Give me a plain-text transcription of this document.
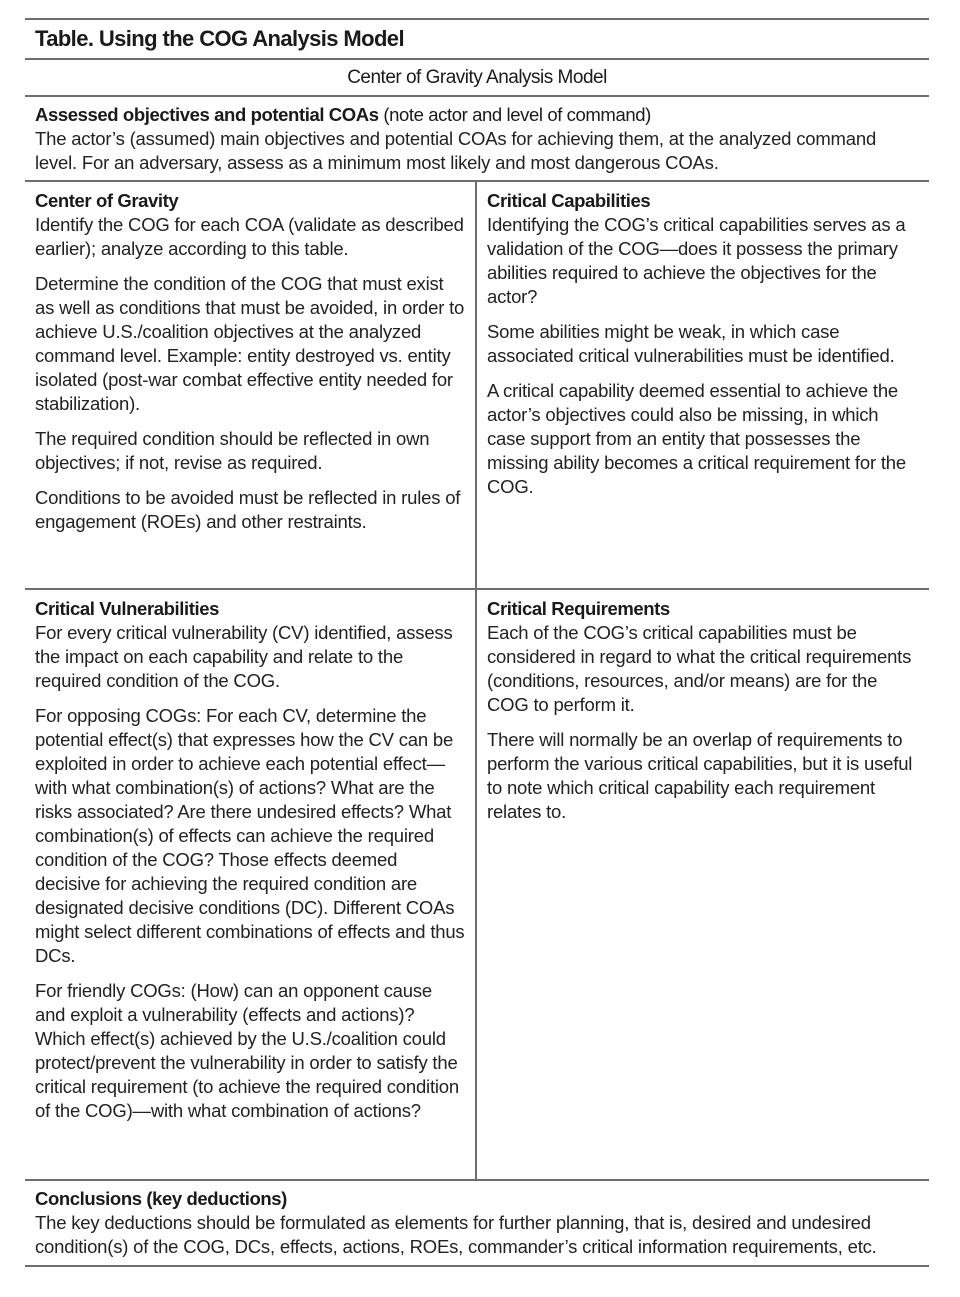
Table. Using the COG Analysis Model
Center of Gravity Analysis Model
Assessed objectives and potential COAs (note actor and level of command)

The actor’s (assumed) main objectives and potential COAs for achieving them, at the analyzed command level. For an adversary, assess as a minimum most likely and most dangerous COAs.

Center of Gravity

Identify the COG for each COA (validate as described earlier); analyze according to this table.

Determine the condition of the COG that must exist as well as conditions that must be avoided, in order to achieve U.S./coalition objectives at the analyzed command level. Example: entity destroyed vs. entity isolated (post-war combat effective entity needed for stabilization).

The required condition should be reflected in own objectives; if not, revise as required.

Conditions to be avoided must be reflected in rules of engagement (ROEs) and other restraints.

Critical Capabilities

Identifying the COG’s critical capabilities serves as a validation of the COG—does it possess the primary abilities required to achieve the objectives for the actor?

Some abilities might be weak, in which case associated critical vulnerabilities must be identified.

A critical capability deemed essential to achieve the actor’s objectives could also be missing, in which case support from an entity that possesses the missing ability becomes a critical requirement for the COG.

Critical Vulnerabilities

For every critical vulnerability (CV) identified, assess the impact on each capability and relate to the required condition of the COG.

For opposing COGs: For each CV, determine the potential effect(s) that expresses how the CV can be exploited in order to achieve each potential effect—with what combination(s) of actions? What are the risks associated? Are there undesired effects? What combination(s) of effects can achieve the required condition of the COG? Those effects deemed decisive for achieving the required condition are designated decisive conditions (DC). Different COAs might select different combinations of effects and thus DCs.

For friendly COGs: (How) can an opponent cause and exploit a vulnerability (effects and actions)? Which effect(s) achieved by the U.S./coalition could protect/prevent the vulnerability in order to satisfy the critical requirement (to achieve the required condition of the COG)—with what combination of actions?

Critical Requirements

Each of the COG’s critical capabilities must be considered in regard to what the critical requirements (conditions, resources, and/or means) are for the COG to perform it.

There will normally be an overlap of requirements to perform the various critical capabilities, but it is useful to note which critical capability each requirement relates to.

Conclusions (key deductions)

The key deductions should be formulated as elements for further planning, that is, desired and undesired condition(s) of the COG, DCs, effects, actions, ROEs, commander’s critical information requirements, etc.
